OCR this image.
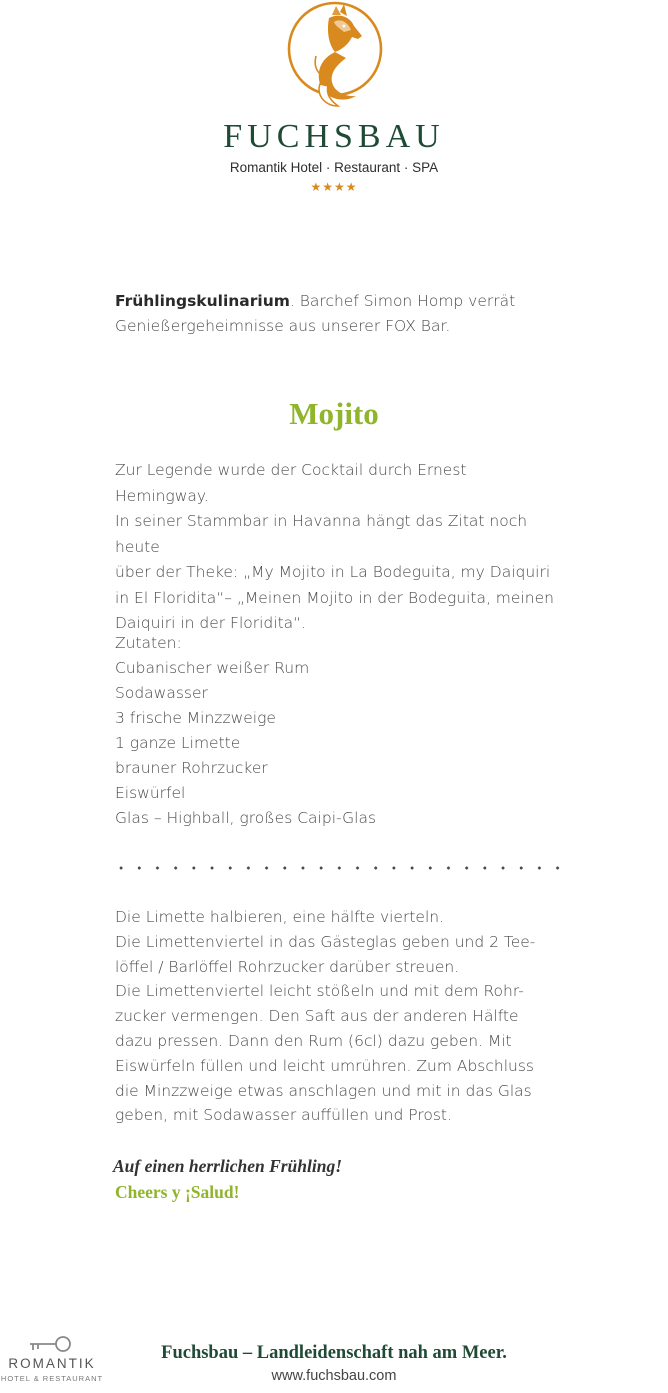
FUCHSBAU
Romantik Hotel · Restaurant · SPA
★★★★
Frühlingskulinarium. Barchef Simon Homp verrät
Genießergeheimnisse aus unserer FOX Bar.
Mojito
Zur Legende wurde der Cocktail durch Ernest Hemingway.
In seiner Stammbar in Havanna hängt das Zitat noch heute
über der Theke: „My Mojito in La Bodeguita, my Daiquiri
in El Floridita“– „Meinen Mojito in der Bodeguita, meinen
Daiquiri in der Floridita“.
Zutaten:
Cubanischer weißer Rum
Sodawasser
3 frische Minzzweige
1 ganze Limette
brauner Rohrzucker
Eiswürfel
Glas – Highball, großes Caipi-Glas
Die Limette halbieren, eine hälfte vierteln.
Die Limettenviertel in das Gästeglas geben und 2 Tee-
löffel / Barlöffel Rohrzucker darüber streuen.
Die Limettenviertel leicht stößeln und mit dem Rohr-
zucker vermengen. Den Saft aus der anderen Hälfte
dazu pressen. Dann den Rum (6cl) dazu geben. Mit
Eiswürfeln füllen und leicht umrühren. Zum Abschluss
die Minzzweige etwas anschlagen und mit in das Glas
geben, mit Sodawasser auffüllen und Prost.
Auf einen herrlichen Frühling!
Cheers y ¡Salud!
ROMANTIK
HOTEL & RESTAURANT
Fuchsbau – Landleidenschaft nah am Meer.
www.fuchsbau.com
